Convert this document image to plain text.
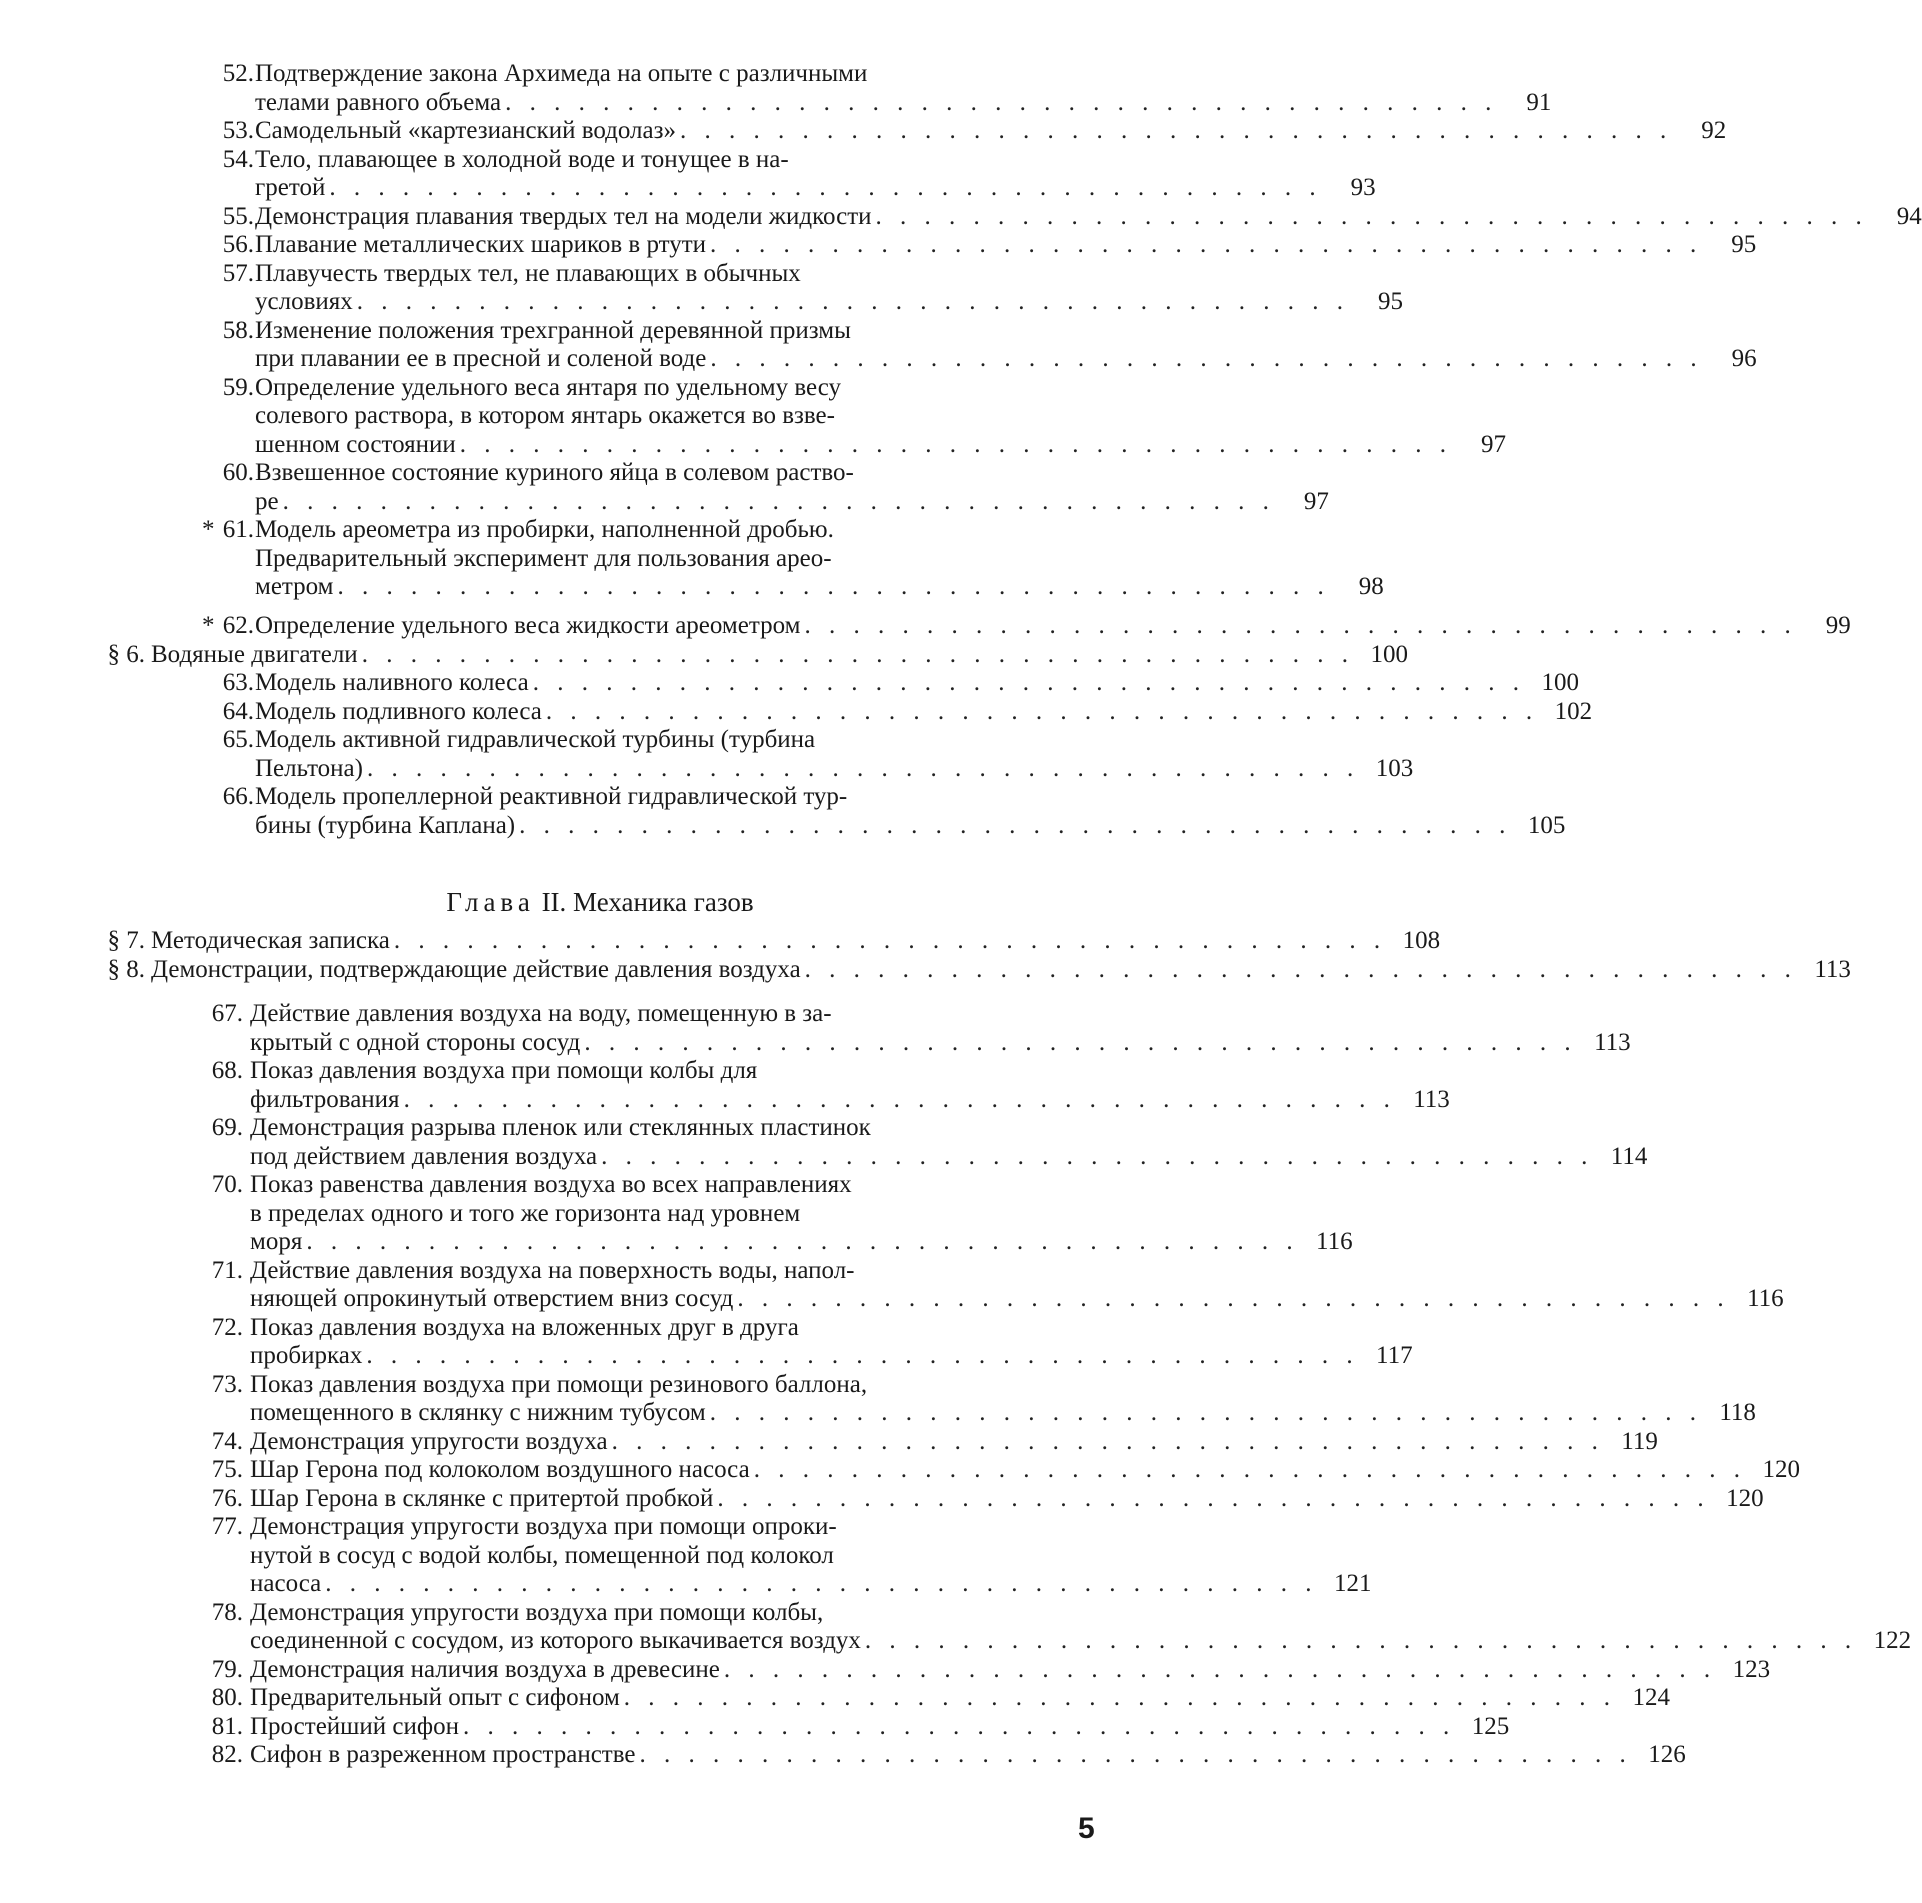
52. Подтверждение закона Архимеда на опыте с различными
телами равного объема . . . . . . . . . . . . . . . . . . . . . . . . . . . . . . . . . . . . . . . . .	91
53. Самодельный «картезианский водолаз» . . . . . . . . . . . . . . . . . . . . . . . . . . . . . . . . . . . . . . . . .	92
54. Тело, плавающее в холодной воде и тонущее в на-
гретой . . . . . . . . . . . . . . . . . . . . . . . . . . . . . . . . . . . . . . . . .	93
55. Демонстрация плавания твердых тел на модели жидкости . . . . . . . . . . . . . . . . . . . . . . . . . . . . . . . . . . . . . . . . .	94
56. Плавание металлических шариков в ртути . . . . . . . . . . . . . . . . . . . . . . . . . . . . . . . . . . . . . . . . .	95
57. Плавучесть твердых тел, не плавающих в обычных
условиях . . . . . . . . . . . . . . . . . . . . . . . . . . . . . . . . . . . . . . . . .	95
58. Изменение положения трехгранной деревянной призмы
при плавании ее в пресной и соленой воде . . . . . . . . . . . . . . . . . . . . . . . . . . . . . . . . . . . . . . . . .	96
59. Определение удельного веса янтаря по удельному весу
солевого раствора, в котором янтарь окажется во взве-
шенном состоянии . . . . . . . . . . . . . . . . . . . . . . . . . . . . . . . . . . . . . . . . .	97
60. Взвешенное состояние куриного яйца в солевом раство-
ре . . . . . . . . . . . . . . . . . . . . . . . . . . . . . . . . . . . . . . . . .	97
* 61. Модель ареометра из пробирки, наполненной дробью.
Предварительный эксперимент для пользования арео-
метром . . . . . . . . . . . . . . . . . . . . . . . . . . . . . . . . . . . . . . . . .	98
* 62. Определение удельного веса жидкости ареометром . . . . . . . . . . . . . . . . . . . . . . . . . . . . . . . . . . . . . . . . .	99
§ 6. Водяные двигатели . . . . . . . . . . . . . . . . . . . . . . . . . . . . . . . . . . . . . . . . . 100
63. Модель наливного колеса . . . . . . . . . . . . . . . . . . . . . . . . . . . . . . . . . . . . . . . . . 100
64. Модель подливного колеса . . . . . . . . . . . . . . . . . . . . . . . . . . . . . . . . . . . . . . . . . 102
65. Модель активной гидравлической турбины (турбина
Пельтона) . . . . . . . . . . . . . . . . . . . . . . . . . . . . . . . . . . . . . . . . . 103
66. Модель пропеллерной реактивной гидравлической тур-
бины (турбина Каплана) . . . . . . . . . . . . . . . . . . . . . . . . . . . . . . . . . . . . . . . . . 105
§ 7. Методическая записка . . . . . . . . . . . . . . . . . . . . . . . . . . . . . . . . . . . . . . . . . 108
§ 8. Демонстрации, подтверждающие действие давления воздуха . . . . . . . . . . . . . . . . . . . . . . . . . . . . . . . . . . . . . . . . . 113
67. Действие давления воздуха на воду, помещенную в за-
крытый с одной стороны сосуд . . . . . . . . . . . . . . . . . . . . . . . . . . . . . . . . . . . . . . . . . 113
68. Показ давления воздуха при помощи колбы для
фильтрования . . . . . . . . . . . . . . . . . . . . . . . . . . . . . . . . . . . . . . . . . 113
69. Демонстрация разрыва пленок или стеклянных пластинок
под действием давления воздуха . . . . . . . . . . . . . . . . . . . . . . . . . . . . . . . . . . . . . . . . . 114
70. Показ равенства давления воздуха во всех направлениях
в пределах одного и того же горизонта над уровнем
моря . . . . . . . . . . . . . . . . . . . . . . . . . . . . . . . . . . . . . . . . . 116
71. Действие давления воздуха на поверхность воды, напол-
няющей опрокинутый отверстием вниз сосуд . . . . . . . . . . . . . . . . . . . . . . . . . . . . . . . . . . . . . . . . . 116
72. Показ давления воздуха на вложенных друг в друга
пробирках . . . . . . . . . . . . . . . . . . . . . . . . . . . . . . . . . . . . . . . . . 117
73. Показ давления воздуха при помощи резинового баллона,
помещенного в склянку с нижним тубусом . . . . . . . . . . . . . . . . . . . . . . . . . . . . . . . . . . . . . . . . . 118
74. Демонстрация упругости воздуха . . . . . . . . . . . . . . . . . . . . . . . . . . . . . . . . . . . . . . . . . 119
75. Шар Герона под колоколом воздушного насоса . . . . . . . . . . . . . . . . . . . . . . . . . . . . . . . . . . . . . . . . . 120
76. Шар Герона в склянке с притертой пробкой . . . . . . . . . . . . . . . . . . . . . . . . . . . . . . . . . . . . . . . . . 120
77. Демонстрация упругости воздуха при помощи опроки-
нутой в сосуд с водой колбы, помещенной под колокол
насоса . . . . . . . . . . . . . . . . . . . . . . . . . . . . . . . . . . . . . . . . . 121
78. Демонстрация упругости воздуха при помощи колбы,
соединенной с сосудом, из которого выкачивается воздух . . . . . . . . . . . . . . . . . . . . . . . . . . . . . . . . . . . . . . . . . 122
79. Демонстрация наличия воздуха в древесине . . . . . . . . . . . . . . . . . . . . . . . . . . . . . . . . . . . . . . . . . 123
80. Предварительный опыт с сифоном . . . . . . . . . . . . . . . . . . . . . . . . . . . . . . . . . . . . . . . . . 124
81. Простейший сифон . . . . . . . . . . . . . . . . . . . . . . . . . . . . . . . . . . . . . . . . . 125
82. Сифон в разреженном пространстве . . . . . . . . . . . . . . . . . . . . . . . . . . . . . . . . . . . . . . . . . 126
Глава II. Механика газов
5
